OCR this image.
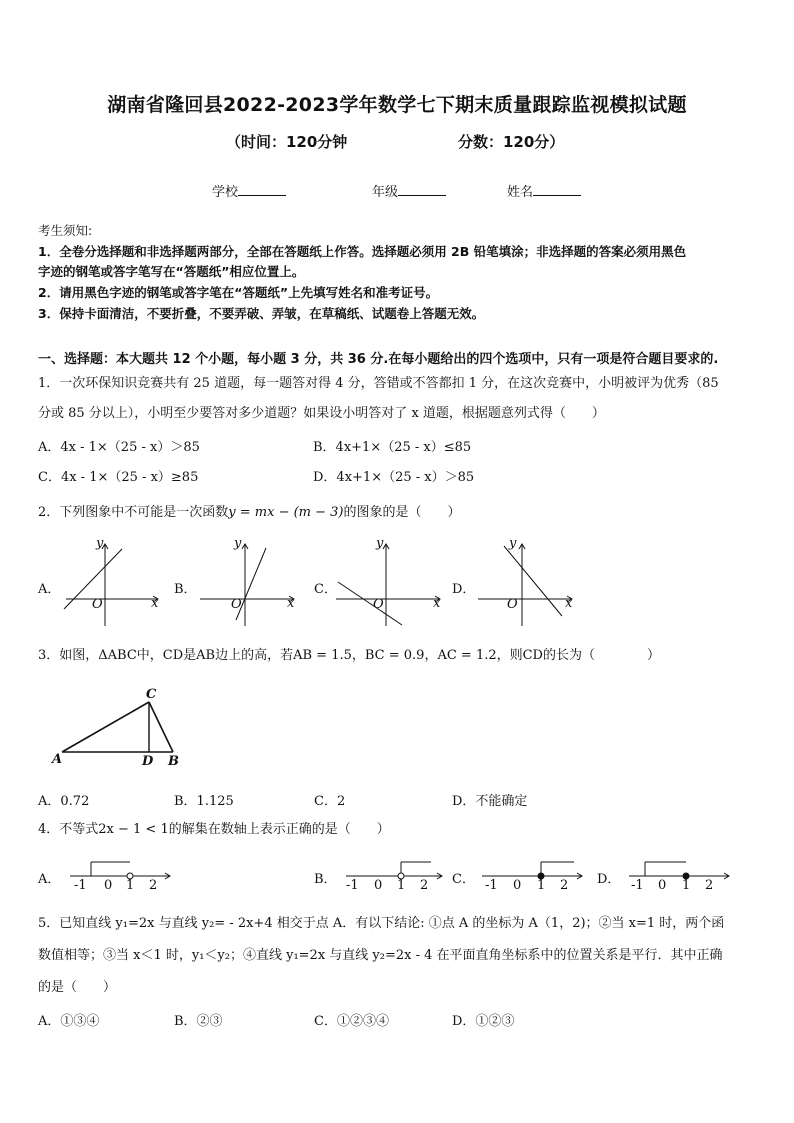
湖南省隆回县2022-2023学年数学七下期末质量跟踪监视模拟试题
（时间：120分钟	分数：120分）
学校	年级	姓名
考生须知:
1．全卷分选择题和非选择题两部分，全部在答题纸上作答。选择题必须用 2B 铅笔填涂；非选择题的答案必须用黑色
字迹的钢笔或答字笔写在“答题纸”相应位置上。
2．请用黑色字迹的钢笔或答字笔在“答题纸”上先填写姓名和准考证号。
3．保持卡面清洁，不要折叠，不要弄破、弄皱，在草稿纸、试题卷上答题无效。
一、选择题：本大题共 12 个小题，每小题 3 分，共 36 分.在每小题给出的四个选项中，只有一项是符合题目要求的.
1．一次环保知识竞赛共有 25 道题，每一题答对得 4 分，答错或不答都扣 1 分，在这次竞赛中，小明被评为优秀（85
分或 85 分以上），小明至少要答对多少道题？如果设小明答对了 x 道题，根据题意列式得（　　）
A．4x - 1×（25 - x）＞85	B．4x+1×（25 - x）≤85
C．4x - 1×（25 - x）≥85	D．4x+1×（25 - x）＞85
2．下列图象中不可能是一次函数y = mx − (m − 3)的图象的是（　　）
A．
y
x
O
B．
y
x
O
C．
y
x
O
D．
y
x
O
3．如图，ΔABC中，CD是AB边上的高，若AB = 1.5，BC = 0.9，AC = 1.2，则CD的长为（　　　　）
C
A	D B
A．0.72	B．1.125	C．2	D．不能确定
4．不等式2x − 1 < 1的解集在数轴上表示正确的是（　　）
A． -1 0 1 2	B． -1 0 1 2 C． -1 0 1 2 D． -1 0 1 2
5．已知直线 y₁=2x 与直线 y₂= - 2x+4 相交于点 A．有以下结论: ①点 A 的坐标为 A（1，2)；②当 x=1 时，两个函
数值相等；③当 x＜1 时，y₁＜y₂；④直线 y₁=2x 与直线 y₂=2x - 4 在平面直角坐标系中的位置关系是平行．其中正确
的是（　　）
A．①③④	B．②③	C．①②③④	D．①②③
